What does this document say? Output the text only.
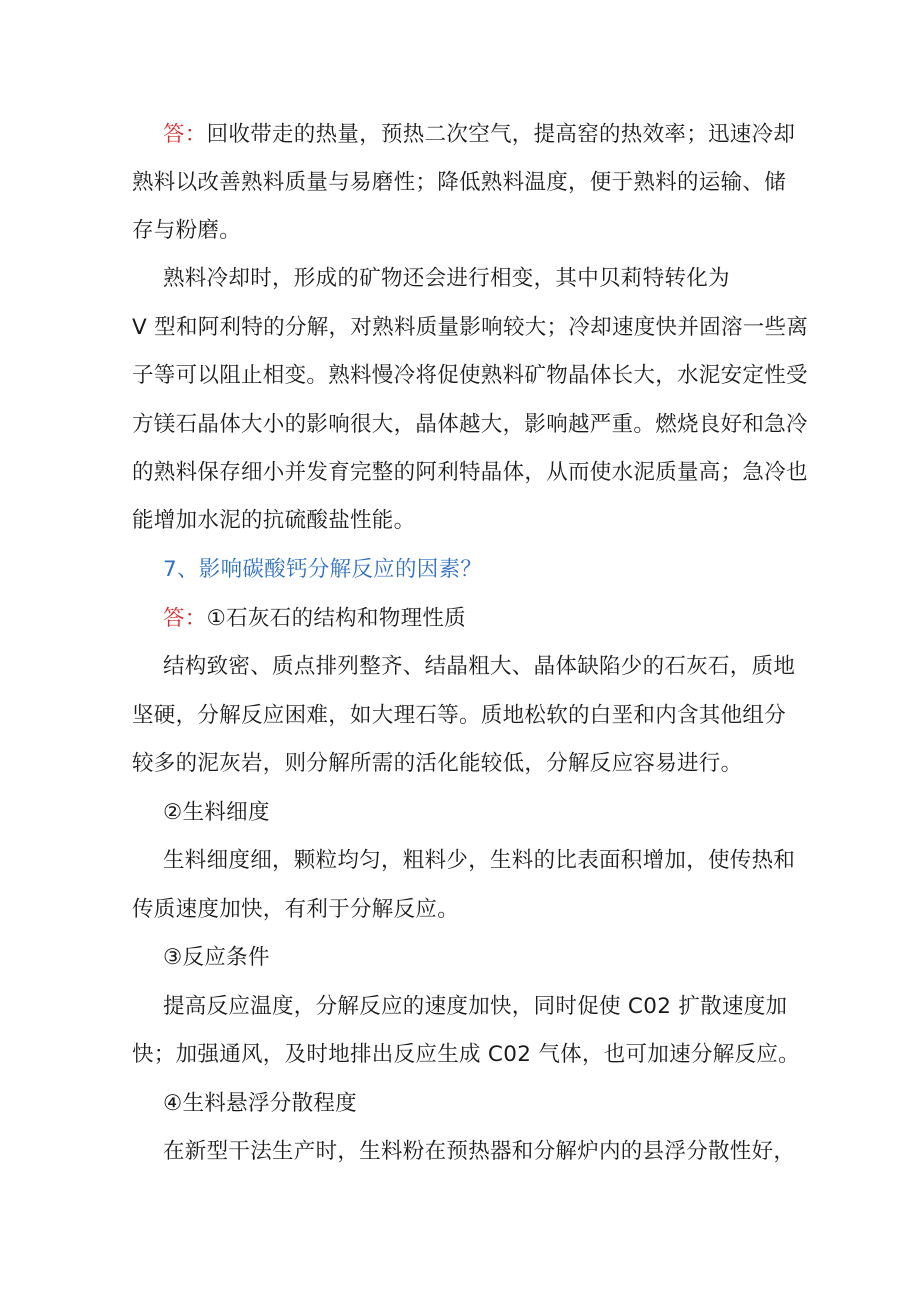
答：回收带走的热量，预热二次空气，提高窑的热效率；迅速冷却
熟料以改善熟料质量与易磨性；降低熟料温度，便于熟料的运输、储
存与粉磨。
熟料冷却时，形成的矿物还会进行相变，其中贝莉特转化为
V 型和阿利特的分解，对熟料质量影响较大；冷却速度快并固溶一些离
子等可以阻止相变。熟料慢冷将促使熟料矿物晶体长大，水泥安定性受
方镁石晶体大小的影响很大，晶体越大，影响越严重。燃烧良好和急冷
的熟料保存细小并发育完整的阿利特晶体，从而使水泥质量高；急冷也
能增加水泥的抗硫酸盐性能。
7、影响碳酸钙分解反应的因素？
答：①石灰石的结构和物理性质
结构致密、质点排列整齐、结晶粗大、晶体缺陷少的石灰石，质地
坚硬，分解反应困难，如大理石等。质地松软的白垩和内含其他组分
较多的泥灰岩，则分解所需的活化能较低，分解反应容易进行。
②生料细度
生料细度细，颗粒均匀，粗料少，生料的比表面积增加，使传热和
传质速度加快，有利于分解反应。
③反应条件
提高反应温度，分解反应的速度加快，同时促使 C02 扩散速度加
快；加强通风，及时地排出反应生成 C02 气体，也可加速分解反应。
④生料悬浮分散程度
在新型干法生产时，生料粉在预热器和分解炉内的县浮分散性好，
